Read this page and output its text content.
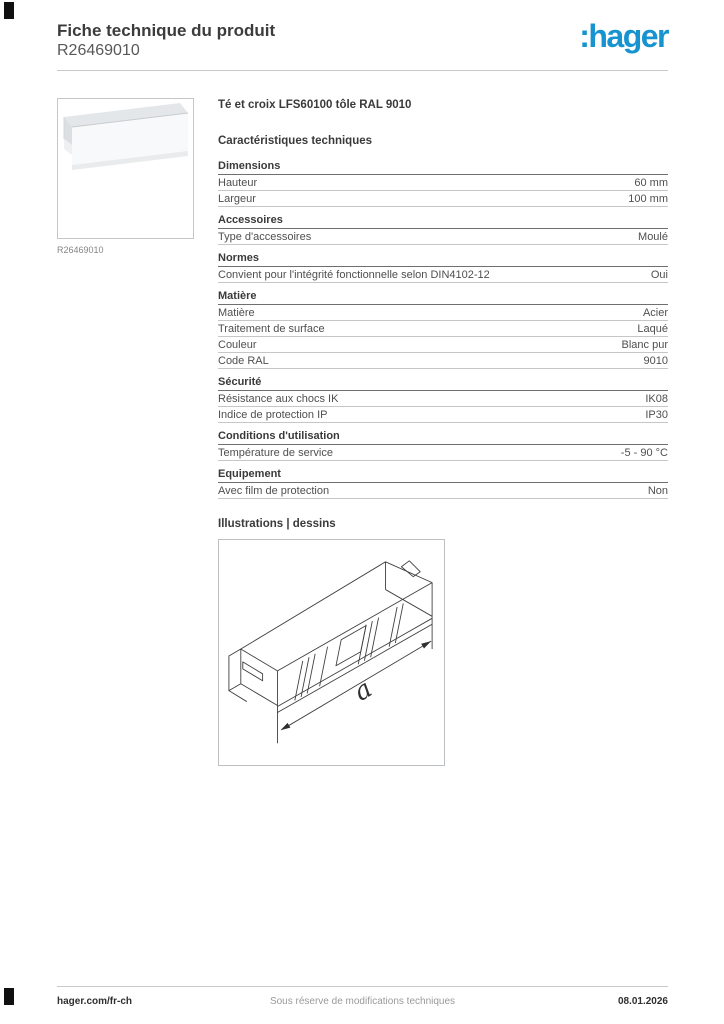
Fiche technique du produit
R26469010	:hager
R26469010
Té et croix LFS60100 tôle RAL 9010
Caractéristiques techniques
Dimensions
Hauteur	60 mm
Largeur	100 mm
Accessoires
Type d'accessoires	Moulé
Normes
Convient pour l'intégrité fonctionnelle selon DIN4102-12	Oui
Matière
Matière	Acier
Traitement de surface	Laqué
Couleur	Blanc pur
Code RAL	9010
Sécurité
Résistance aux chocs IK	IK08
Indice de protection IP	IP30
Conditions d'utilisation
Température de service	-5 - 90 °C
Equipement
Avec film de protection	Non
Illustrations | dessins
a
Sous réserve de modifications techniques
hager.com/fr-ch	08.01.2026
